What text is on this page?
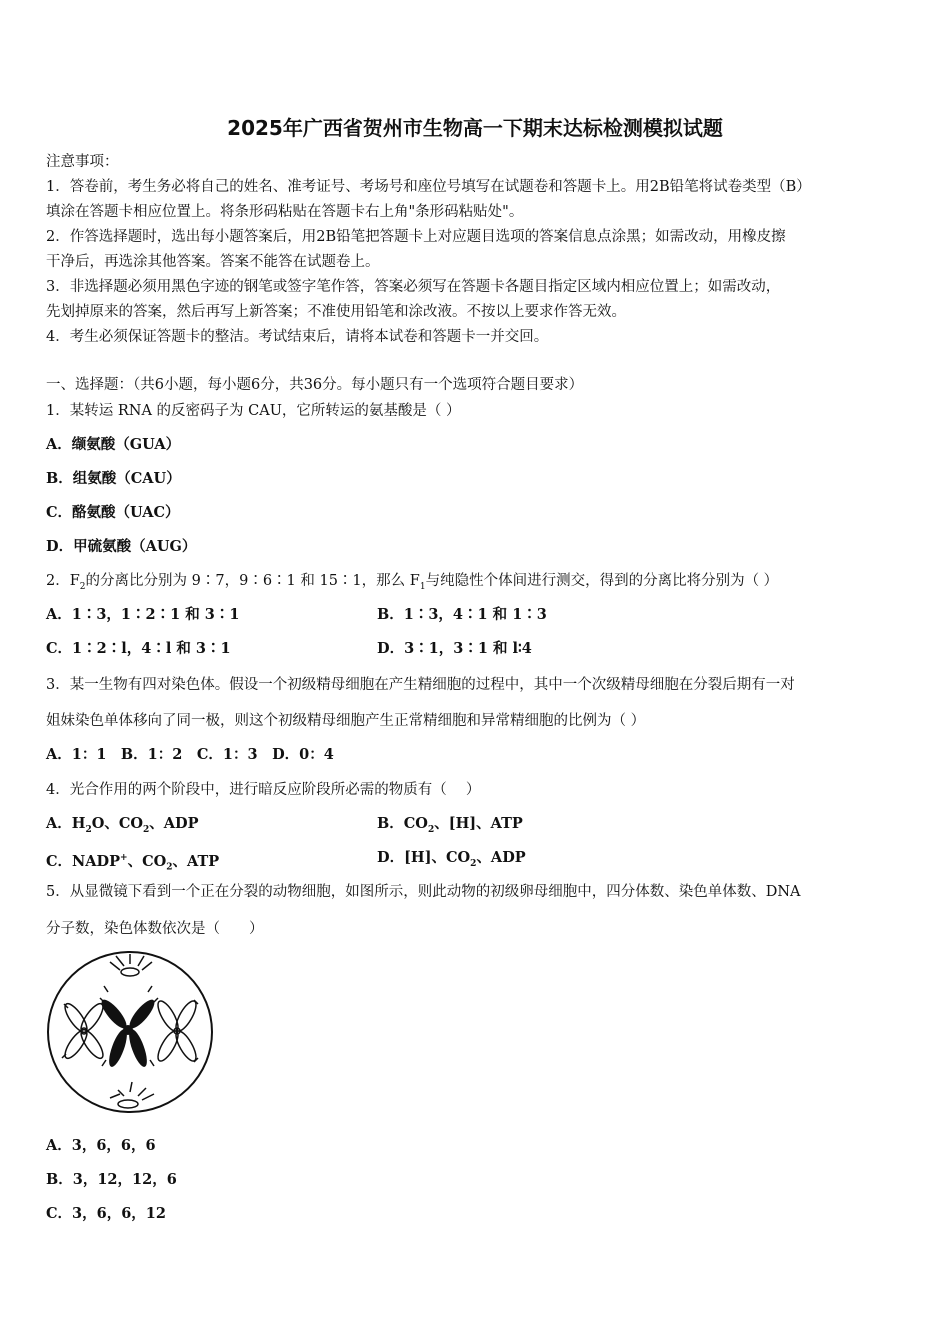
2025年广西省贺州市生物高一下期末达标检测模拟试题
注意事项：
1．答卷前，考生务必将自己的姓名、准考证号、考场号和座位号填写在试题卷和答题卡上。用2B铅笔将试卷类型（B）
填涂在答题卡相应位置上。将条形码粘贴在答题卡右上角"条形码粘贴处"。
2．作答选择题时，选出每小题答案后，用2B铅笔把答题卡上对应题目选项的答案信息点涂黑；如需改动，用橡皮擦
干净后，再选涂其他答案。答案不能答在试题卷上。
3．非选择题必须用黑色字迹的钢笔或签字笔作答，答案必须写在答题卡各题目指定区域内相应位置上；如需改动，
先划掉原来的答案，然后再写上新答案；不准使用铅笔和涂改液。不按以上要求作答无效。
4．考生必须保证答题卡的整洁。考试结束后，请将本试卷和答题卡一并交回。
一、选择题：（共6小题，每小题6分，共36分。每小题只有一个选项符合题目要求）
1．某转运 RNA 的反密码子为 CAU，它所转运的氨基酸是（ ）
A．缬氨酸（GUA）
B．组氨酸（CAU）
C．酪氨酸（UAC）
D．甲硫氨酸（AUG）
2．$F_2$的分离比分别为 9∶7，9∶6∶1 和 15∶1，那么 $F_1$与纯隐性个体间进行测交，得到的分离比将分别为（ ）
A．1∶3，1∶2∶1 和 3∶1	B．1∶3，4∶1 和 1∶3
C．1∶2∶l，4∶l 和 3∶1	D．3∶1，3∶1 和 l∶4
3．某一生物有四对染色体。假设一个初级精母细胞在产生精细胞的过程中，其中一个次级精母细胞在分裂后期有一对
姐妹染色单体移向了同一极，则这个初级精母细胞产生正常精细胞和异常精细胞的比例为（ ）
A．1：1　B．1：2　C．1：3　D．0：4
4．光合作用的两个阶段中，进行暗反应阶段所必需的物质有（　 ）
A．$H_2O$、$CO_2$、ADP	B．$CO_2$、[H]、ATP
C．NADP+、$CO_2$、ATP	D．[H]、$CO_2$、ADP
5．从显微镜下看到一个正在分裂的动物细胞，如图所示，则此动物的初级卵母细胞中，四分体数、染色单体数、DNA
分子数，染色体数依次是（　　）
A．3，6，6，6
B．3，12，12，6
C．3，6，6，12
